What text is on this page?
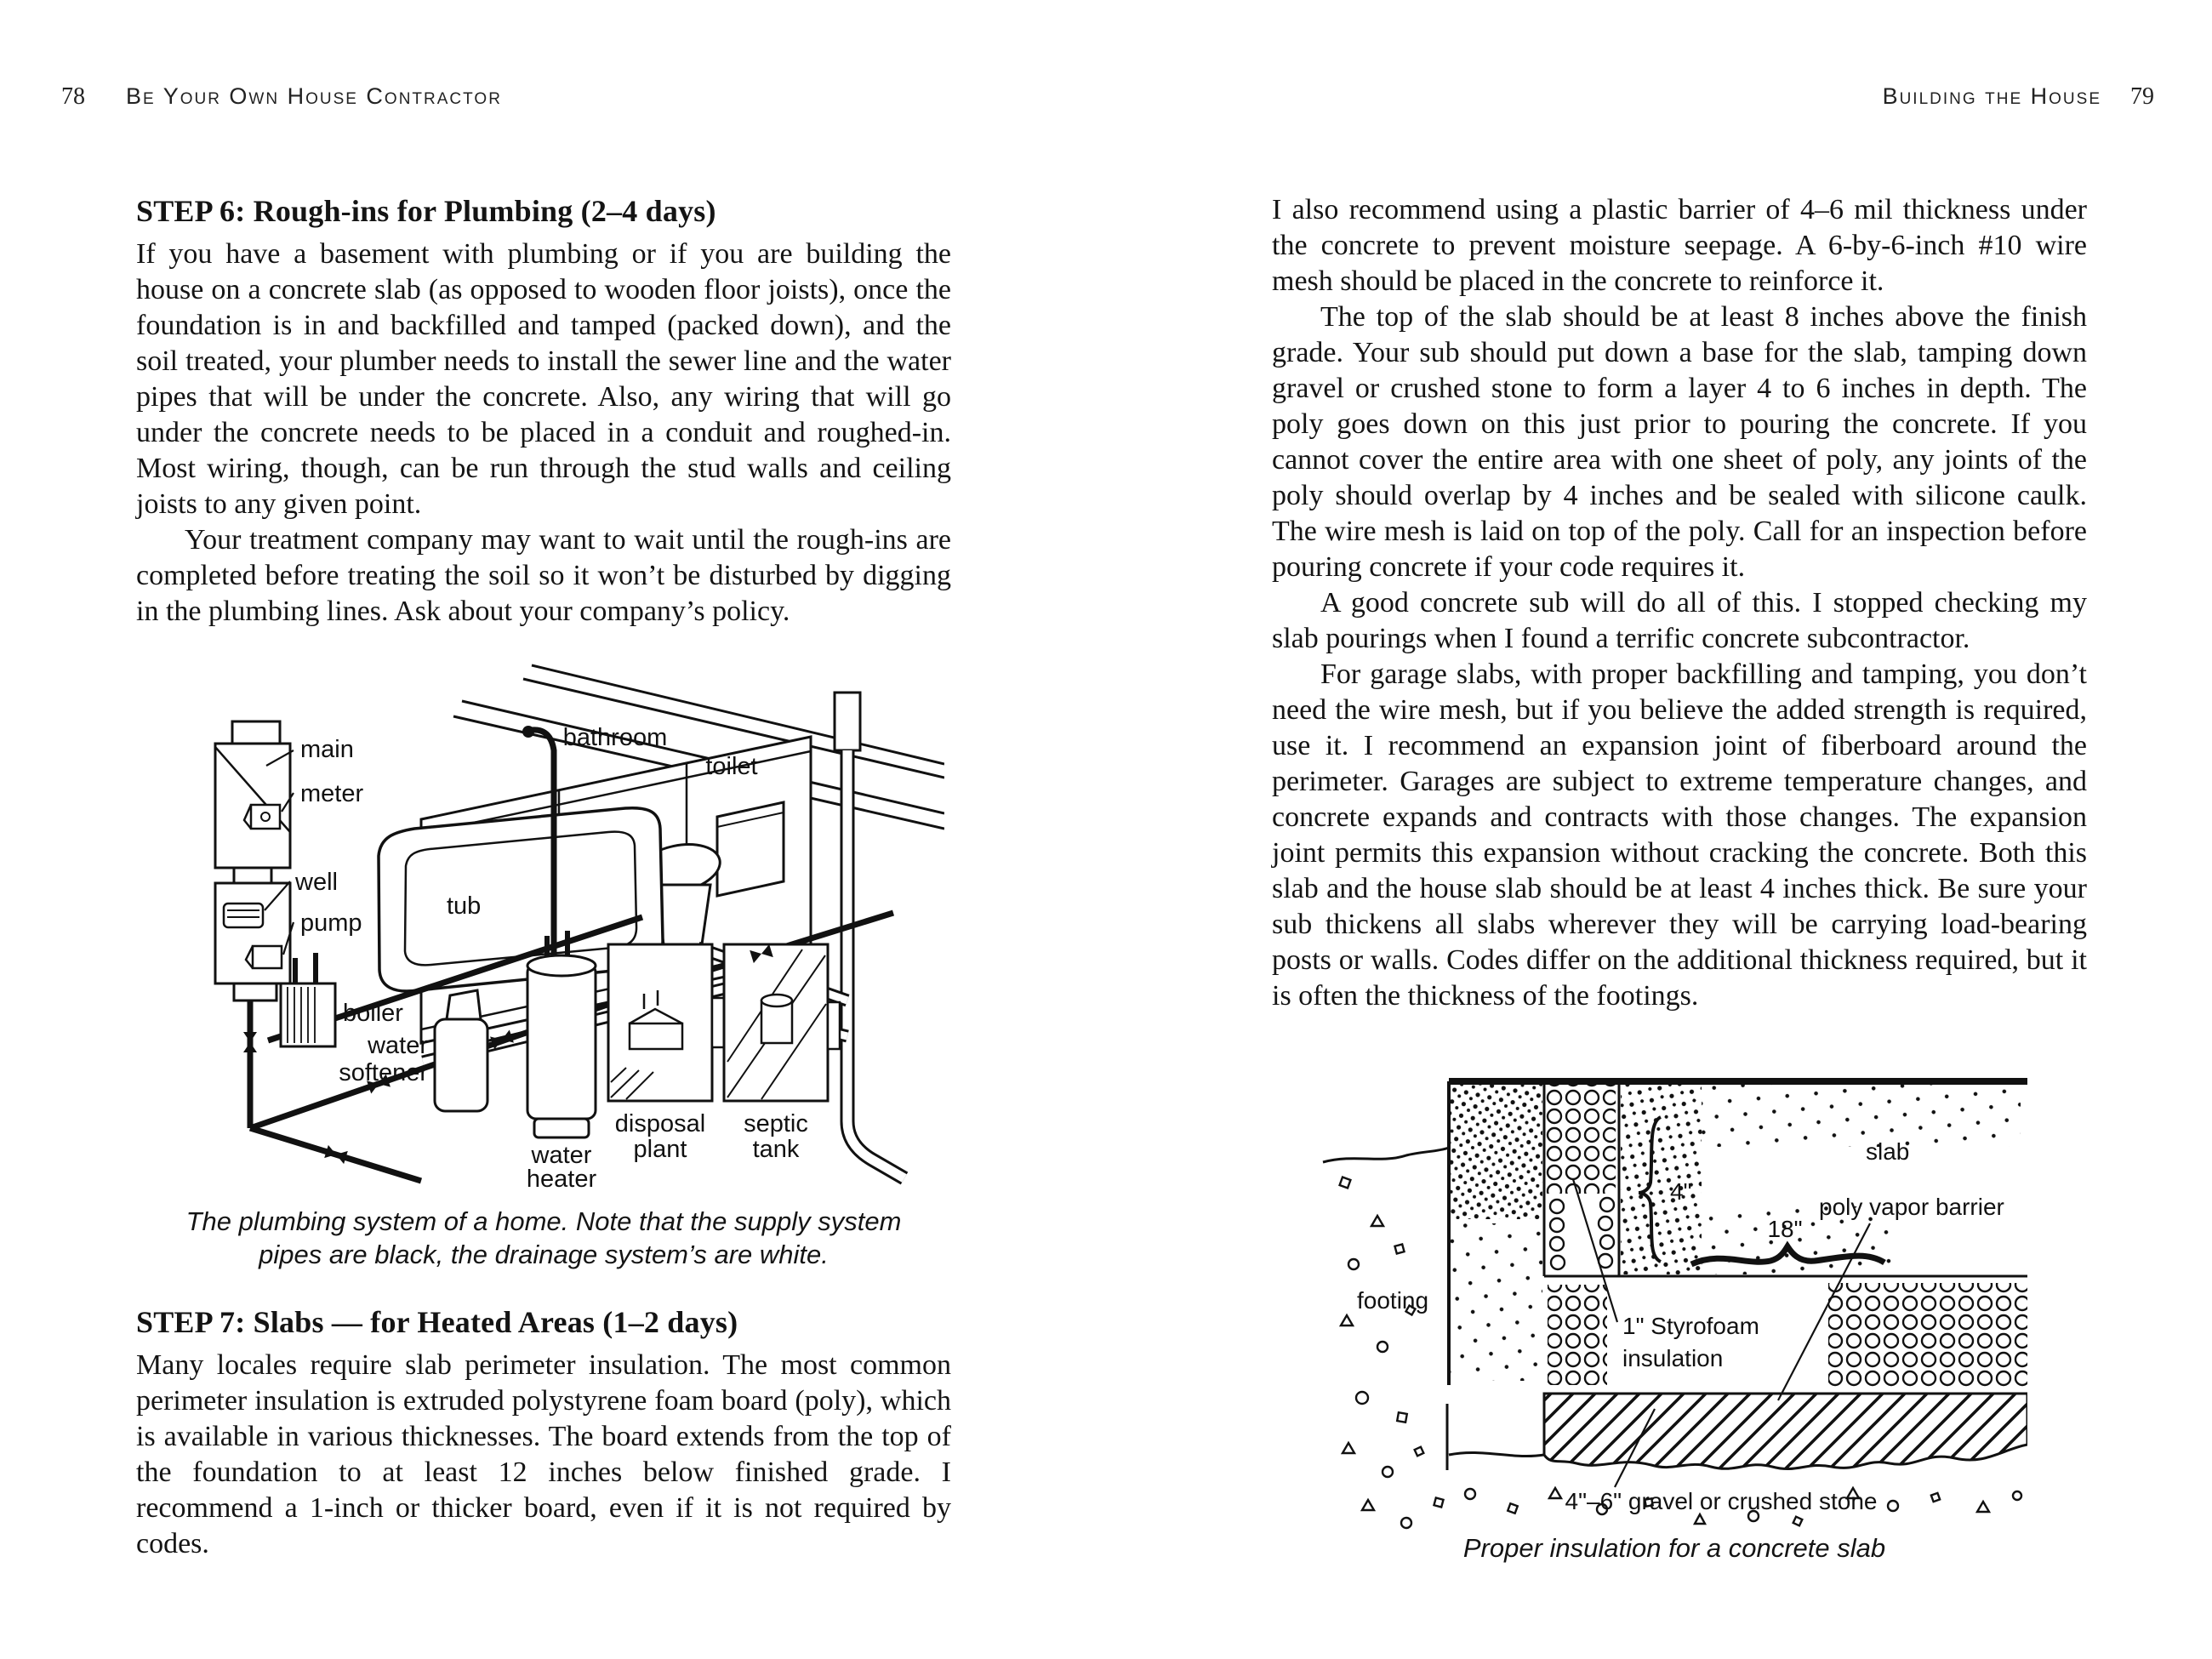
78 Be Your Own House Contractor	Building the House 79
STEP 6: Rough-ins for Plumbing (2–4 days)

If you have a basement with plumbing or if you are building the house on a concrete slab (as opposed to wooden floor joists), once the foundation is in and backfilled and tamped (packed down), and the soil treated, your plumber needs to install the sewer line and the water pipes that will be under the concrete. Also, any wiring that will go under the concrete needs to be placed in a conduit and roughed-in. Most wiring, though, can be run through the stud walls and ceiling joists to any given point.

Your treatment company may want to wait until the rough-ins are completed before treating the soil so it won’t be disturbed by digging in the plumbing lines. Ask about your company’s policy.

main
meter
well
pump
bathroom
toilet
tub
boiler
water
softener
water
heater
disposal
plant
septic
tank
The plumbing system of a home. Note that the supply system
pipes are black, the drainage system’s are white.
STEP 7: Slabs — for Heated Areas (1–2 days)

Many locales require slab perimeter insulation. The most common perimeter insulation is extruded polystyrene foam board (poly), which is available in various thicknesses. The board extends from the top of the foundation to at least 12 inches below finished grade. I recommend a 1-inch or thicker board, even if it is not required by codes.

I also recommend using a plastic barrier of 4–6 mil thickness under the concrete to prevent moisture seepage. A 6-by-6-inch #10 wire mesh should be placed in the concrete to reinforce it.

The top of the slab should be at least 8 inches above the finish grade. Your sub should put down a base for the slab, tamping down gravel or crushed stone to form a layer 4 to 6 inches in depth. The poly goes down on this just prior to pouring the concrete. If you cannot cover the entire area with one sheet of poly, any joints of the poly should overlap by 4 inches and be sealed with silicone caulk. The wire mesh is laid on top of the poly. Call for an inspection before pouring concrete if your code requires it.

A good concrete sub will do all of this. I stopped checking my slab pourings when I found a terrific concrete subcontractor.

For garage slabs, with proper backfilling and tamping, you don’t need the wire mesh, but if you believe the added strength is required, use it. I recommend an expansion joint of fiberboard around the perimeter. Garages are subject to extreme temperature changes, and concrete expands and contracts with those changes. The expansion joint permits this expansion without cracking the concrete. Both this slab and the house slab should be at least 4 inches thick. Be sure your sub thickens all slabs wherever they will be carrying load-bearing posts or walls. Codes differ on the additional thickness required, but it is often the thickness of the footings.

footing
4"
slab
18"
poly vapor barrier
1" Styrofoam
insulation
4"–6" gravel or crushed stone
Proper insulation for a concrete slab
